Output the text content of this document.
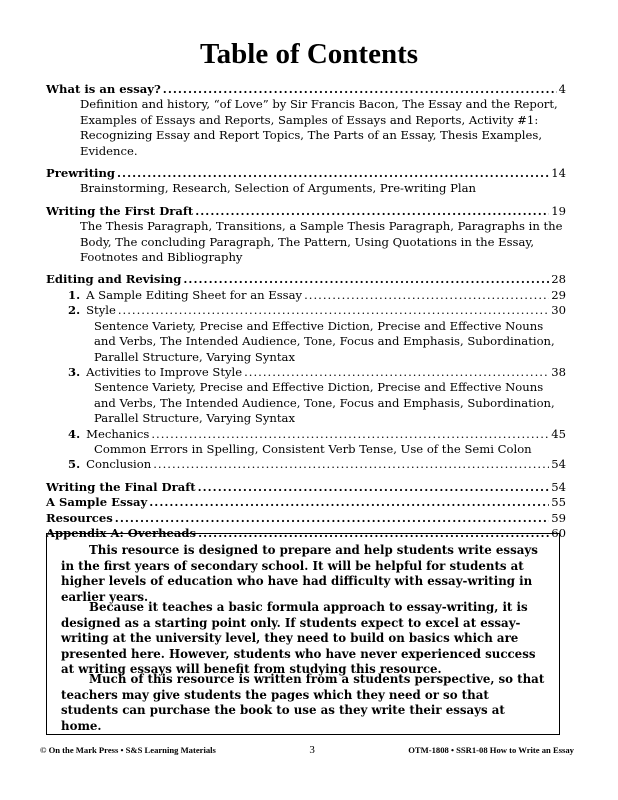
Table of Contents
What is an essay? .....	4
Definition and history, “of Love” by Sir Francis Bacon, The Essay and the Report, Examples of Essays and Reports, Samples of Essays and Reports, Activity #1: Recognizing Essay and Report Topics, The Parts of an Essay, Thesis Examples, Evidence.
Prewriting .....	14
Brainstorming, Research, Selection of Arguments, Pre-writing Plan
Writing the First Draft .....	19
The Thesis Paragraph, Transitions, a Sample Thesis Paragraph, Paragraphs in the Body, The concluding Paragraph, The Pattern, Using Quotations in the Essay, Footnotes and Bibliography
Editing and Revising .....	28
1. A Sample Editing Sheet for an Essay .....	29
2. Style .....	30
Sentence Variety, Precise and Effective Diction, Precise and Effective Nouns and Verbs, The Intended Audience, Tone, Focus and Emphasis, Subordination, Parallel Structure, Varying Syntax
3. Activities to Improve Style .....	38
Sentence Variety, Precise and Effective Diction, Precise and Effective Nouns and Verbs, The Intended Audience, Tone, Focus and Emphasis, Subordination, Parallel Structure, Varying Syntax
4. Mechanics .....	45
Common Errors in Spelling, Consistent Verb Tense, Use of the Semi Colon
5. Conclusion .....	54
Writing the Final Draft .....	54
A Sample Essay .....	55
Resources .....	59
Appendix A: Overheads .....	60

This resource is designed to prepare and help students write essays in the first years of secondary school. It will be helpful for students at higher levels of education who have had difficulty with essay-writing in earlier years.

Because it teaches a basic formula approach to essay-writing, it is designed as a starting point only. If students expect to excel at essay-writing at the university level, they need to build on basics which are presented here. However, students who have never experienced success at writing essays will benefit from studying this resource.

Much of this resource is written from a students perspective, so that teachers may give students the pages which they need or so that students can purchase the book to use as they write their essays at home.

© On the Mark Press • S&S Learning Materials	3	OTM-1808 • SSR1-08 How to Write an Essay
